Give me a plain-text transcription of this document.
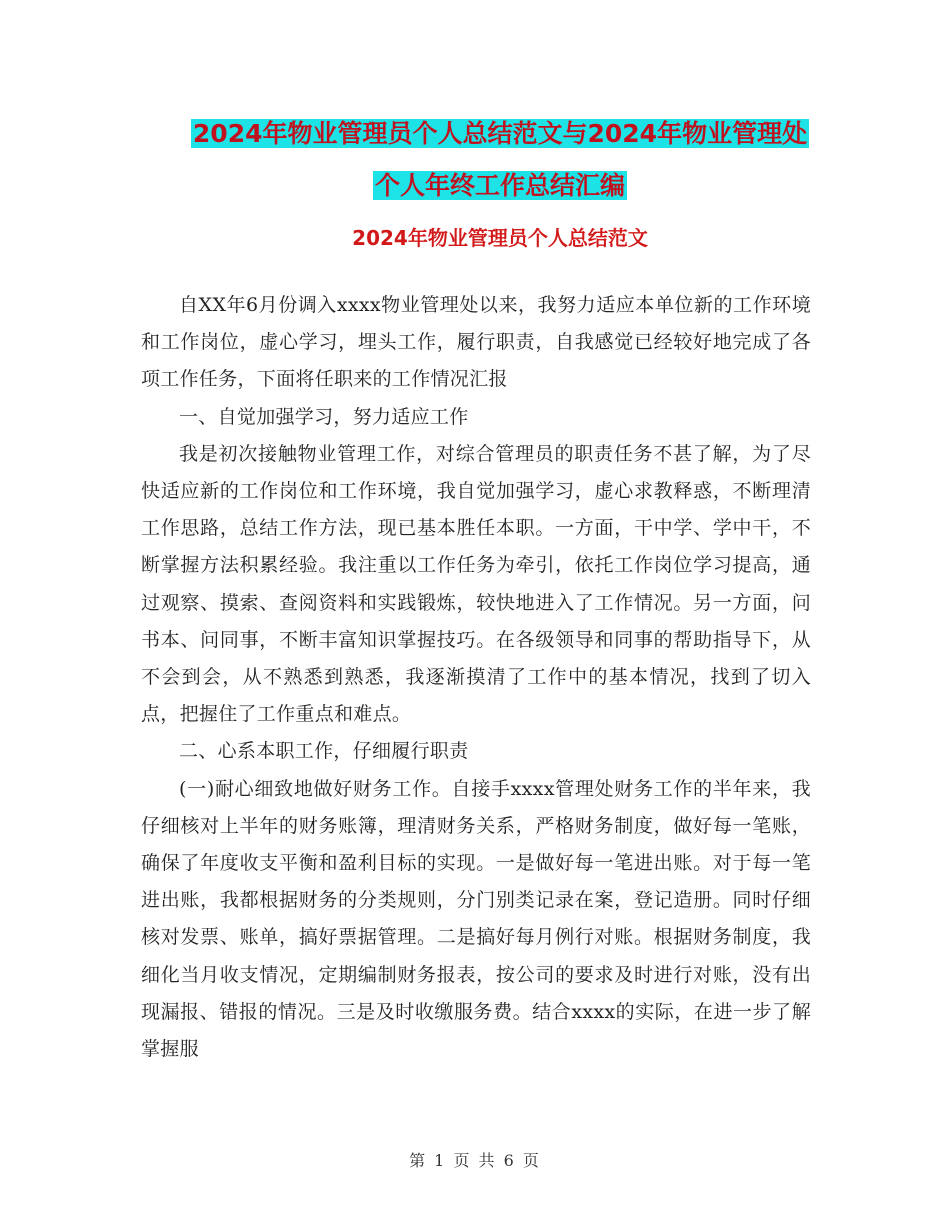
2024年物业管理员个人总结范文与2024年物业管理处
个人年终工作总结汇编
2024年物业管理员个人总结范文

自XX年6月份调入xxxx物业管理处以来，我努力适应本单位新的工作环境和工作岗位，虚心学习，埋头工作，履行职责，自我感觉已经较好地完成了各项工作任务，下面将任职来的工作情况汇报

一、自觉加强学习，努力适应工作

我是初次接触物业管理工作，对综合管理员的职责任务不甚了解，为了尽快适应新的工作岗位和工作环境，我自觉加强学习，虚心求教释惑，不断理清工作思路，总结工作方法，现已基本胜任本职。一方面，干中学、学中干，不断掌握方法积累经验。我注重以工作任务为牵引，依托工作岗位学习提高，通过观察、摸索、查阅资料和实践锻炼，较快地进入了工作情况。另一方面，问书本、问同事，不断丰富知识掌握技巧。在各级领导和同事的帮助指导下，从不会到会，从不熟悉到熟悉，我逐渐摸清了工作中的基本情况，找到了切入点，把握住了工作重点和难点。

二、心系本职工作，仔细履行职责

(一)耐心细致地做好财务工作。自接手xxxx管理处财务工作的半年来，我仔细核对上半年的财务账簿，理清财务关系，严格财务制度，做好每一笔账，确保了年度收支平衡和盈利目标的实现。一是做好每一笔进出账。对于每一笔进出账，我都根据财务的分类规则，分门别类记录在案，登记造册。同时仔细核对发票、账单，搞好票据管理。二是搞好每月例行对账。根据财务制度，我细化当月收支情况，定期编制财务报表，按公司的要求及时进行对账，没有出现漏报、错报的情况。三是及时收缴服务费。结合xxxx的实际，在进一步了解掌握服

第 1 页 共 6 页
